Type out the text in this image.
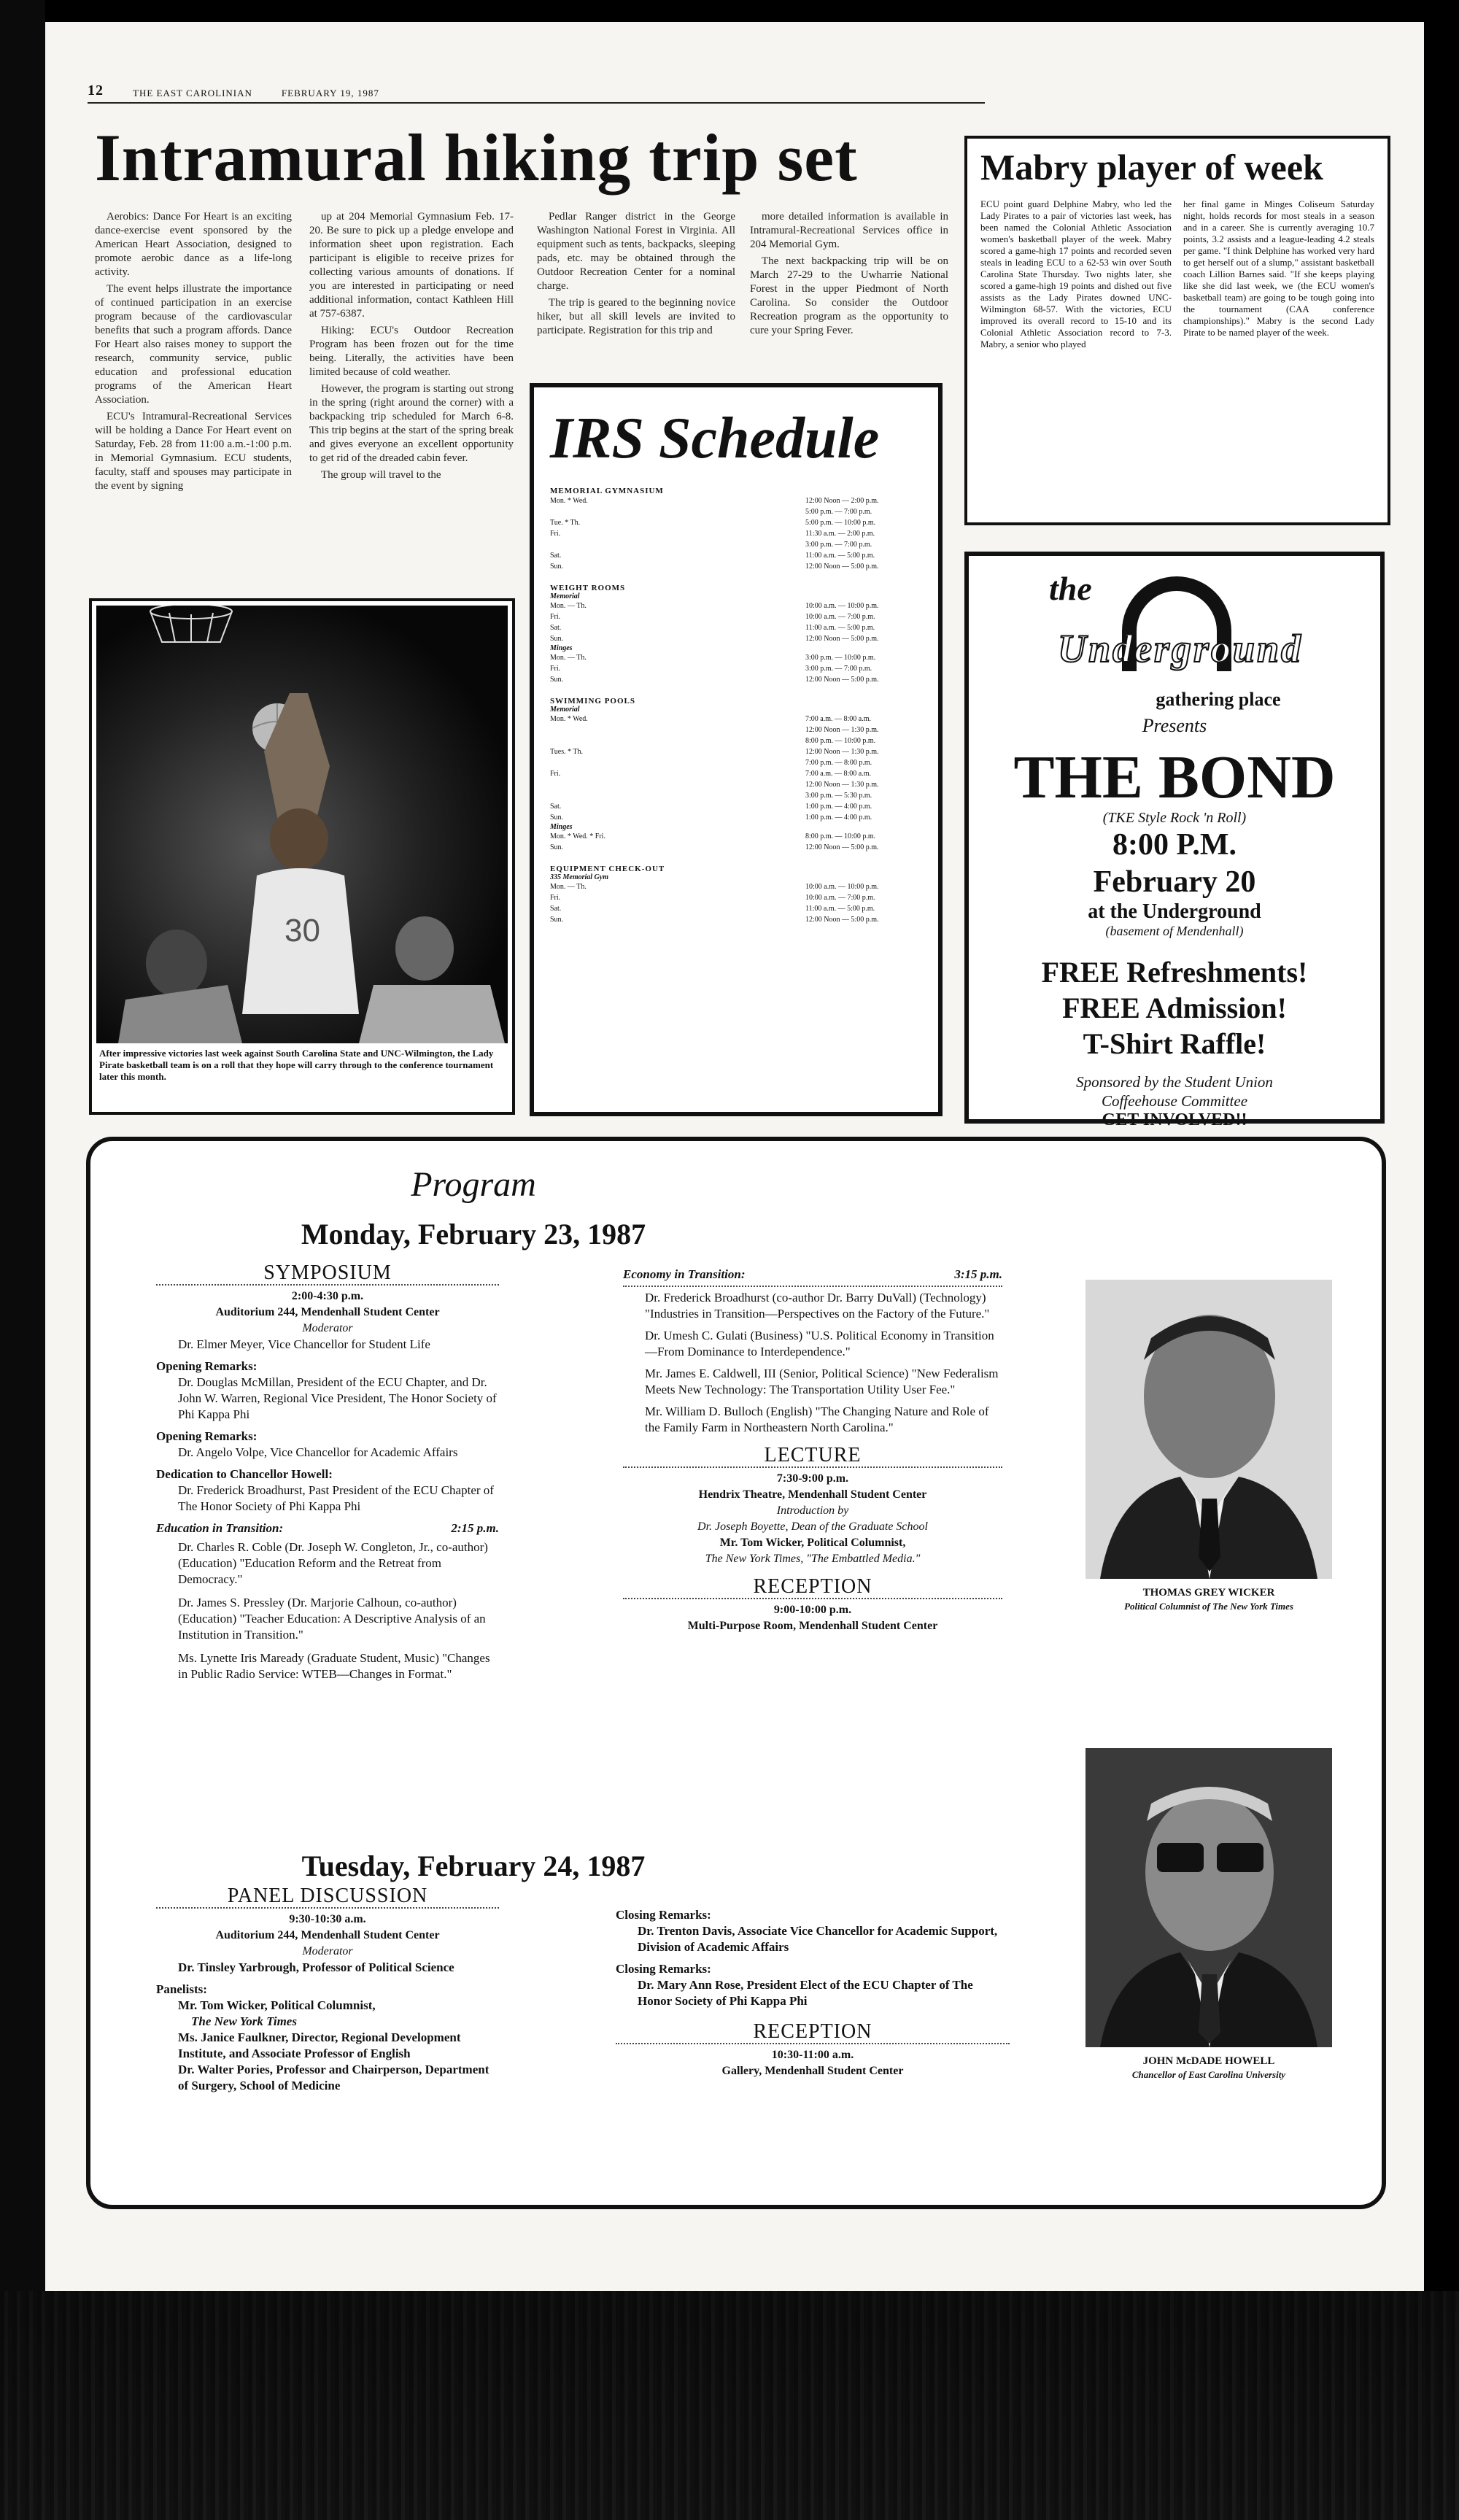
12	THE EAST CAROLINIAN	FEBRUARY 19, 1987
Intramural hiking trip set

Aerobics: Dance For Heart is an exciting dance-exercise event sponsored by the American Heart Association, designed to promote aerobic dance as a life-long activity.

The event helps illustrate the importance of continued participation in an exercise program because of the cardiovascular benefits that such a program affords. Dance For Heart also raises money to support the research, community service, public education and professional education programs of the American Heart Association.

ECU's Intramural-Recreational Services will be holding a Dance For Heart event on Saturday, Feb. 28 from 11:00 a.m.-1:00 p.m. in Memorial Gymnasium. ECU students, faculty, staff and spouses may participate in the event by signing

up at 204 Memorial Gymnasium Feb. 17-20. Be sure to pick up a pledge envelope and information sheet upon registration. Each participant is eligible to receive prizes for collecting various amounts of donations. If you are interested in participating or need additional information, contact Kathleen Hill at 757-6387.

Hiking: ECU's Outdoor Recreation Program has been frozen out for the time being. Literally, the activities have been limited because of cold weather.

However, the program is starting out strong in the spring (right around the corner) with a backpacking trip scheduled for March 6-8. This trip begins at the start of the spring break and gives everyone an excellent opportunity to get rid of the dreaded cabin fever.

The group will travel to the

Pedlar Ranger district in the George Washington National Forest in Virginia. All equipment such as tents, backpacks, sleeping pads, etc. may be obtained through the Outdoor Recreation Center for a nominal charge.

The trip is geared to the beginning novice hiker, but all skill levels are invited to participate. Registration for this trip and

more detailed information is available in Intramural-Recreational Services office in 204 Memorial Gym.

The next backpacking trip will be on March 27-29 to the Uwharrie National Forest in the upper Piedmont of North Carolina. So consider the Outdoor Recreation program as the opportunity to cure your Spring Fever.

30
After impressive victories last week against South Carolina State and UNC-Wilmington, the Lady Pirate basketball team is on a roll that they hope will carry through to the conference tournament later this month.
IRS Schedule
MEMORIAL GYMNASIUM
Mon. * Wed.	12:00 Noon — 2:00 p.m.
5:00 p.m. — 7:00 p.m.
Tue. * Th.	5:00 p.m. — 10:00 p.m.
Fri.	11:30 a.m. — 2:00 p.m.
3:00 p.m. — 7:00 p.m.
Sat.	11:00 a.m. — 5:00 p.m.
Sun.	12:00 Noon — 5:00 p.m.
WEIGHT ROOMS
Memorial
Mon. — Th.	10:00 a.m. — 10:00 p.m.
Fri.	10:00 a.m. — 7:00 p.m.
Sat.	11:00 a.m. — 5:00 p.m.
Sun.	12:00 Noon — 5:00 p.m.
Minges
Mon. — Th.	3:00 p.m. — 10:00 p.m.
Fri.	3:00 p.m. — 7:00 p.m.
Sun.	12:00 Noon — 5:00 p.m.
SWIMMING POOLS
Memorial
Mon. * Wed.	7:00 a.m. — 8:00 a.m.
12:00 Noon — 1:30 p.m.
8:00 p.m. — 10:00 p.m.
Tues. * Th.	12:00 Noon — 1:30 p.m.
7:00 p.m. — 8:00 p.m.
Fri.	7:00 a.m. — 8:00 a.m.
12:00 Noon — 1:30 p.m.
3:00 p.m. — 5:30 p.m.
Sat.	1:00 p.m. — 4:00 p.m.
Sun.	1:00 p.m. — 4:00 p.m.
Minges
Mon. * Wed. * Fri.	8:00 p.m. — 10:00 p.m.
Sun.	12:00 Noon — 5:00 p.m.
EQUIPMENT CHECK-OUT
335 Memorial Gym
Mon. — Th.	10:00 a.m. — 10:00 p.m.
Fri.	10:00 a.m. — 7:00 p.m.
Sat.	11:00 a.m. — 5:00 p.m.
Sun.	12:00 Noon — 5:00 p.m.
Mabry player of week
ECU point guard Delphine Mabry, who led the Lady Pirates to a pair of victories last week, has been named the Colonial Athletic Association women's basketball player of the week. Mabry scored a game-high 17 points and recorded seven steals in leading ECU to a 62-53 win over South Carolina State Thursday. Two nights later, she scored a game-high 19 points and dished out five assists as the Lady Pirates downed UNC-Wilmington 68-57. With the victories, ECU improved its overall record to 15-10 and its Colonial Athletic Association record to 7-3. Mabry, a senior who played
her final game in Minges Coliseum Saturday night, holds records for most steals in a season and in a career. She is currently averaging 10.7 points, 3.2 assists and a league-leading 4.2 steals per game. "I think Delphine has worked very hard to get herself out of a slump," assistant basketball coach Lillion Barnes said. "If she keeps playing like she did last week, we (the ECU women's basketball team) are going to be tough going into the tournament (CAA conference championships)." Mabry is the second Lady Pirate to be named player of the week.
the
Underground
gathering place
Presents
THE BOND
(TKE Style Rock 'n Roll)
8:00 P.M.
February 20
at the Underground
(basement of Mendenhall)
FREE Refreshments!
FREE Admission!
T-Shirt Raffle!
Sponsored by the Student Union Coffeehouse Committee
GET INVOLVED!!
Program
Monday, February 23, 1987
SYMPOSIUM
2:00-4:30 p.m.
Auditorium 244, Mendenhall Student Center
Moderator
Dr. Elmer Meyer, Vice Chancellor for Student Life
Opening Remarks:
Dr. Douglas McMillan, President of the ECU Chapter, and Dr. John W. Warren, Regional Vice President, The Honor Society of Phi Kappa Phi
Opening Remarks:
Dr. Angelo Volpe, Vice Chancellor for Academic Affairs
Dedication to Chancellor Howell:
Dr. Frederick Broadhurst, Past President of the ECU Chapter of The Honor Society of Phi Kappa Phi
Education in Transition:	2:15 p.m.
Dr. Charles R. Coble (Dr. Joseph W. Congleton, Jr., co-author) (Education) "Education Reform and the Retreat from Democracy."
Dr. James S. Pressley (Dr. Marjorie Calhoun, co-author) (Education) "Teacher Education: A Descriptive Analysis of an Institution in Transition."
Ms. Lynette Iris Maready (Graduate Student, Music) "Changes in Public Radio Service: WTEB—Changes in Format."
Economy in Transition:	3:15 p.m.
Dr. Frederick Broadhurst (co-author Dr. Barry DuVall) (Technology) "Industries in Transition—Perspectives on the Factory of the Future."
Dr. Umesh C. Gulati (Business) "U.S. Political Economy in Transition—From Dominance to Interdependence."
Mr. James E. Caldwell, III (Senior, Political Science) "New Federalism Meets New Technology: The Transportation Utility User Fee."
Mr. William D. Bulloch (English) "The Changing Nature and Role of the Family Farm in Northeastern North Carolina."
LECTURE
7:30-9:00 p.m.
Hendrix Theatre, Mendenhall Student Center
Introduction by
Dr. Joseph Boyette, Dean of the Graduate School
Mr. Tom Wicker, Political Columnist,
The New York Times, "The Embattled Media."
RECEPTION
9:00-10:00 p.m.
Multi-Purpose Room, Mendenhall Student Center
Tuesday, February 24, 1987
PANEL DISCUSSION
9:30-10:30 a.m.
Auditorium 244, Mendenhall Student Center
Moderator
Dr. Tinsley Yarbrough, Professor of Political Science
Panelists:
Mr. Tom Wicker, Political Columnist,
The New York Times
Ms. Janice Faulkner, Director, Regional Development Institute, and Associate Professor of English
Dr. Walter Pories, Professor and Chairperson, Department of Surgery, School of Medicine
Closing Remarks:
Dr. Trenton Davis, Associate Vice Chancellor for Academic Support, Division of Academic Affairs
Closing Remarks:
Dr. Mary Ann Rose, President Elect of the ECU Chapter of The Honor Society of Phi Kappa Phi
RECEPTION
10:30-11:00 a.m.
Gallery, Mendenhall Student Center
THOMAS GREY WICKER
Political Columnist of The New York Times
JOHN McDADE HOWELL
Chancellor of East Carolina University
